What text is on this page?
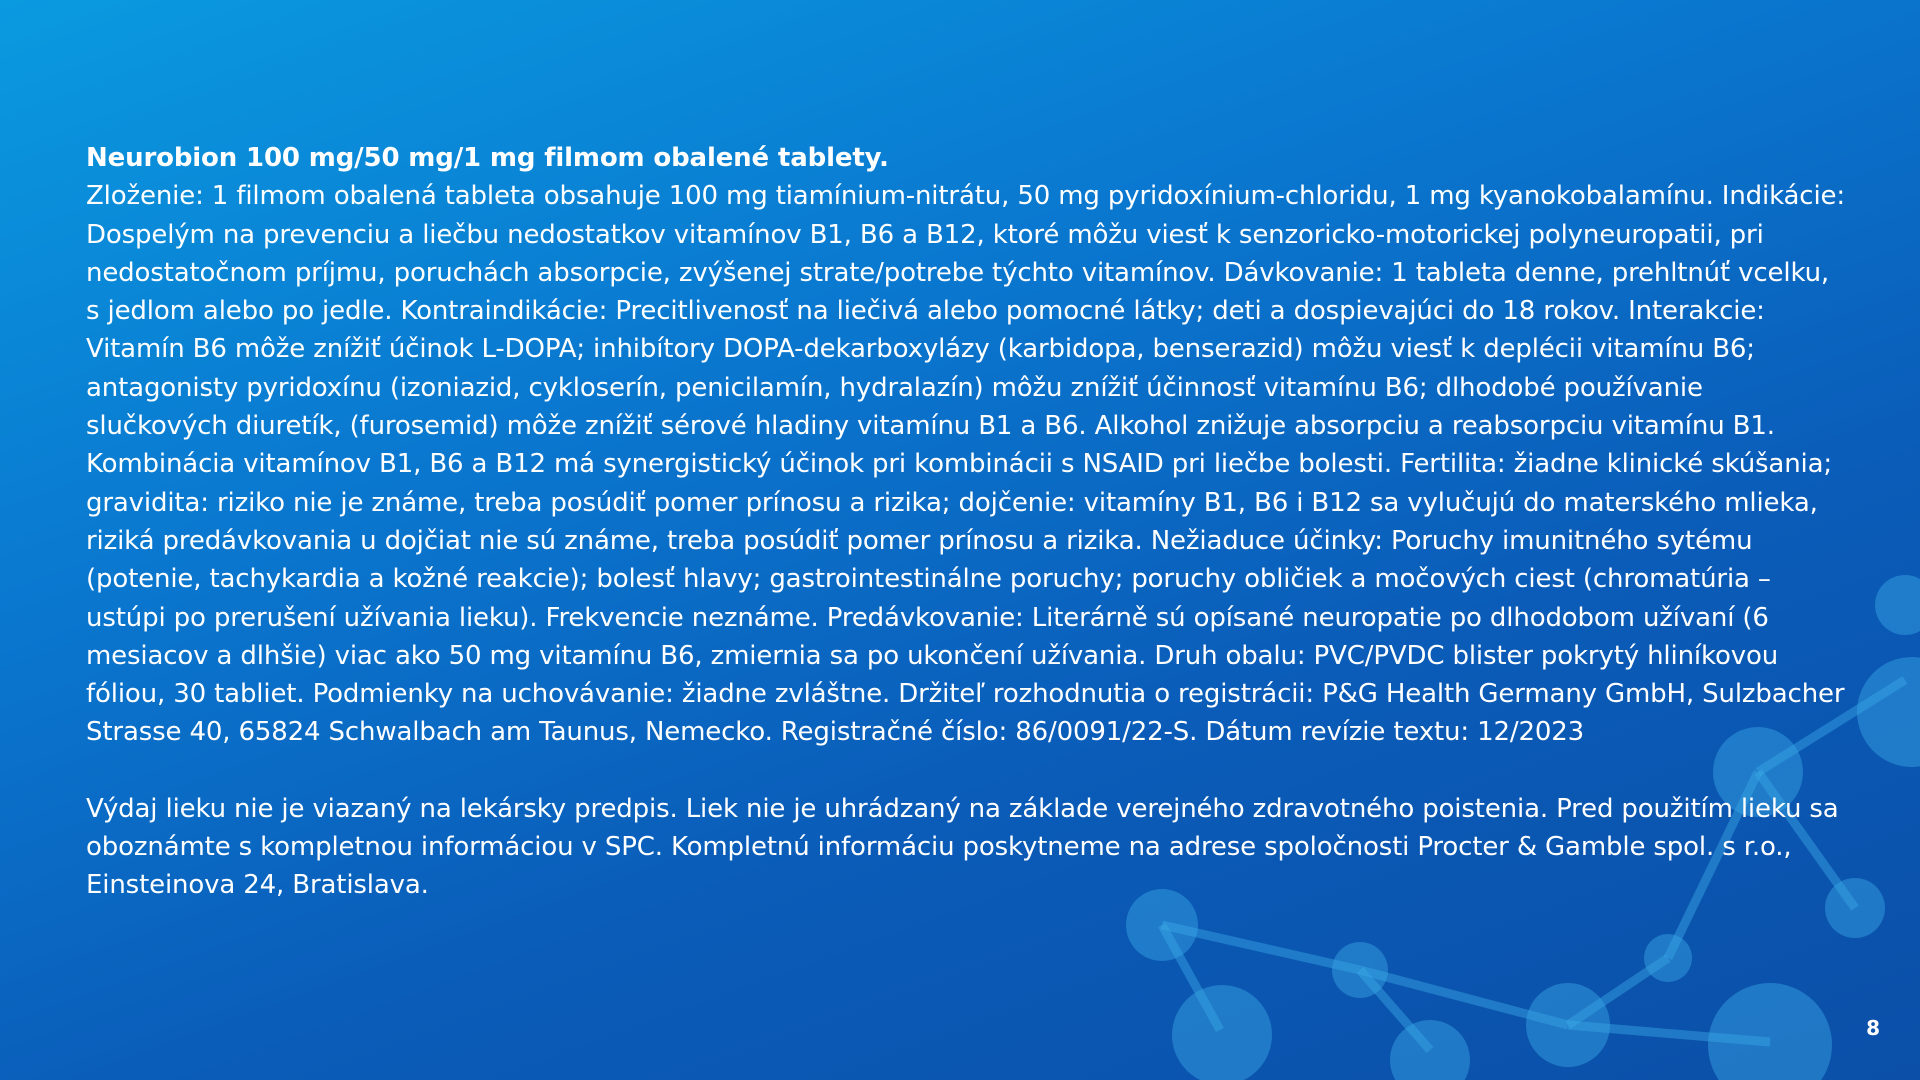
Neurobion 100 mg/50 mg/1 mg filmom obalené tablety.

Zloženie: 1 filmom obalená tableta obsahuje 100 mg tiamínium-nitrátu, 50 mg pyridoxínium-chloridu, 1 mg kyanokobalamínu. Indikácie: Dospelým na prevenciu a liečbu nedostatkov vitamínov B1, B6 a B12, ktoré môžu viesť k senzoricko-motorickej polyneuropatii, pri nedostatočnom príjmu, poruchách absorpcie, zvýšenej strate/potrebe týchto vitamínov. Dávkovanie: 1 tableta denne, prehltnúť vcelku, s jedlom alebo po jedle. Kontraindikácie: Precitlivenosť na liečivá alebo pomocné látky; deti a dospievajúci do 18 rokov. Interakcie: Vitamín B6 môže znížiť účinok L-DOPA; inhibítory DOPA-dekarboxylázy (karbidopa, benserazid) môžu viesť k deplécii vitamínu B6; antagonisty pyridoxínu (izoniazid, cykloserín, penicilamín, hydralazín) môžu znížiť účinnosť vitamínu B6; dlhodobé používanie slučkových diuretík, (furosemid) môže znížiť sérové hladiny vitamínu B1 a B6. Alkohol znižuje absorpciu a reabsorpciu vitamínu B1. Kombinácia vitamínov B1, B6 a B12 má synergistický účinok pri kombinácii s NSAID pri liečbe bolesti. Fertilita: žiadne klinické skúšania; gravidita: riziko nie je známe, treba posúdiť pomer prínosu a rizika; dojčenie: vitamíny B1, B6 i B12 sa vylučujú do materského mlieka, riziká predávkovania u dojčiat nie sú známe, treba posúdiť pomer prínosu a rizika. Nežiaduce účinky: Poruchy imunitného sytému (potenie, tachykardia a kožné reakcie); bolesť hlavy; gastrointestinálne poruchy; poruchy obličiek a močových ciest (chromatúria – ustúpi po prerušení užívania lieku). Frekvencie neznáme. Predávkovanie: Literárně sú opísané neuropatie po dlhodobom užívaní (6 mesiacov a dlhšie) viac ako 50 mg vitamínu B6, zmiernia sa po ukončení užívania. Druh obalu: PVC/PVDC blister pokrytý hliníkovou fóliou, 30 tabliet. Podmienky na uchovávanie: žiadne zvláštne. Držiteľ rozhodnutia o registrácii: P&G Health Germany GmbH, Sulzbacher Strasse 40, 65824 Schwalbach am Taunus, Nemecko. Registračné číslo: 86/0091/22-S. Dátum revízie textu: 12/2023

Výdaj lieku nie je viazaný na lekársky predpis. Liek nie je uhrádzaný na základe verejného zdravotného poistenia. Pred použitím lieku sa oboznámte s kompletnou informáciou v SPC. Kompletnú informáciu poskytneme na adrese spoločnosti Procter & Gamble spol. s r.o., Einsteinova 24, Bratislava.

8
